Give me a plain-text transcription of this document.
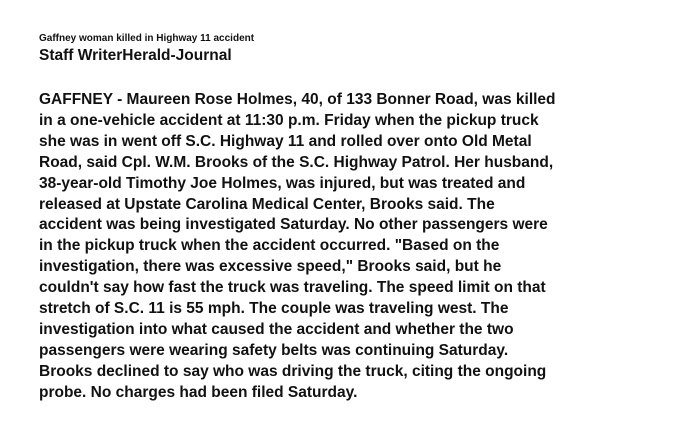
Gaffney woman killed in Highway 11 accident
Staff WriterHerald-Journal
GAFFNEY - Maureen Rose Holmes, 40, of 133 Bonner Road, was killed
in a one-vehicle accident at 11:30 p.m. Friday when the pickup truck
she was in went off S.C. Highway 11 and rolled over onto Old Metal
Road, said Cpl. W.M. Brooks of the S.C. Highway Patrol. Her husband,
38-year-old Timothy Joe Holmes, was injured, but was treated and
released at Upstate Carolina Medical Center, Brooks said. The
accident was being investigated Saturday. No other passengers were
in the pickup truck when the accident occurred. "Based on the
investigation, there was excessive speed," Brooks said, but he
couldn't say how fast the truck was traveling. The speed limit on that
stretch of S.C. 11 is 55 mph. The couple was traveling west. The
investigation into what caused the accident and whether the two
passengers were wearing safety belts was continuing Saturday.
Brooks declined to say who was driving the truck, citing the ongoing
probe. No charges had been filed Saturday.
